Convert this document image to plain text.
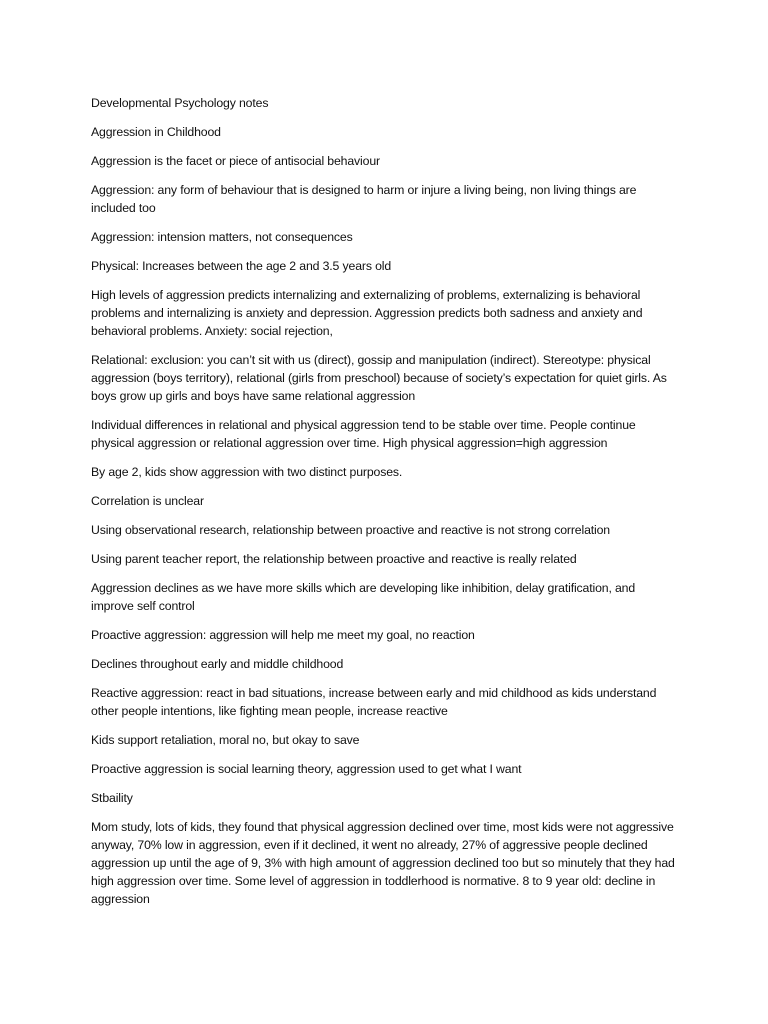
Developmental Psychology notes

Aggression in Childhood

Aggression is the facet or piece of antisocial behaviour

Aggression: any form of behaviour that is designed to harm or injure a living being, non living things are included too

Aggression: intension matters, not consequences

Physical: Increases between the age 2 and 3.5 years old

High levels of aggression predicts internalizing and externalizing of problems, externalizing is behavioral problems and internalizing is anxiety and depression. Aggression predicts both sadness and anxiety and behavioral problems. Anxiety: social rejection,

Relational: exclusion: you can’t sit with us (direct), gossip and manipulation (indirect). Stereotype: physical aggression (boys territory), relational (girls from preschool) because of society’s expectation for quiet girls. As boys grow up girls and boys have same relational aggression

Individual differences in relational and physical aggression tend to be stable over time. People continue physical aggression or relational aggression over time. High physical aggression=high aggression

By age 2, kids show aggression with two distinct purposes.

Correlation is unclear

Using observational research, relationship between proactive and reactive is not strong correlation

Using parent teacher report, the relationship between proactive and reactive is really related

Aggression declines as we have more skills which are developing like inhibition, delay gratification, and improve self control

Proactive aggression: aggression will help me meet my goal, no reaction

Declines throughout early and middle childhood

Reactive aggression: react in bad situations, increase between early and mid childhood as kids understand other people intentions, like fighting mean people, increase reactive

Kids support retaliation, moral no, but okay to save

Proactive aggression is social learning theory, aggression used to get what I want

Stbaility

Mom study, lots of kids, they found that physical aggression declined over time, most kids were not aggressive anyway, 70% low in aggression, even if it declined, it went no already, 27% of aggressive people declined aggression up until the age of 9, 3% with high amount of aggression declined too but so minutely that they had high aggression over time. Some level of aggression in toddlerhood is normative. 8 to 9 year old: decline in aggression
